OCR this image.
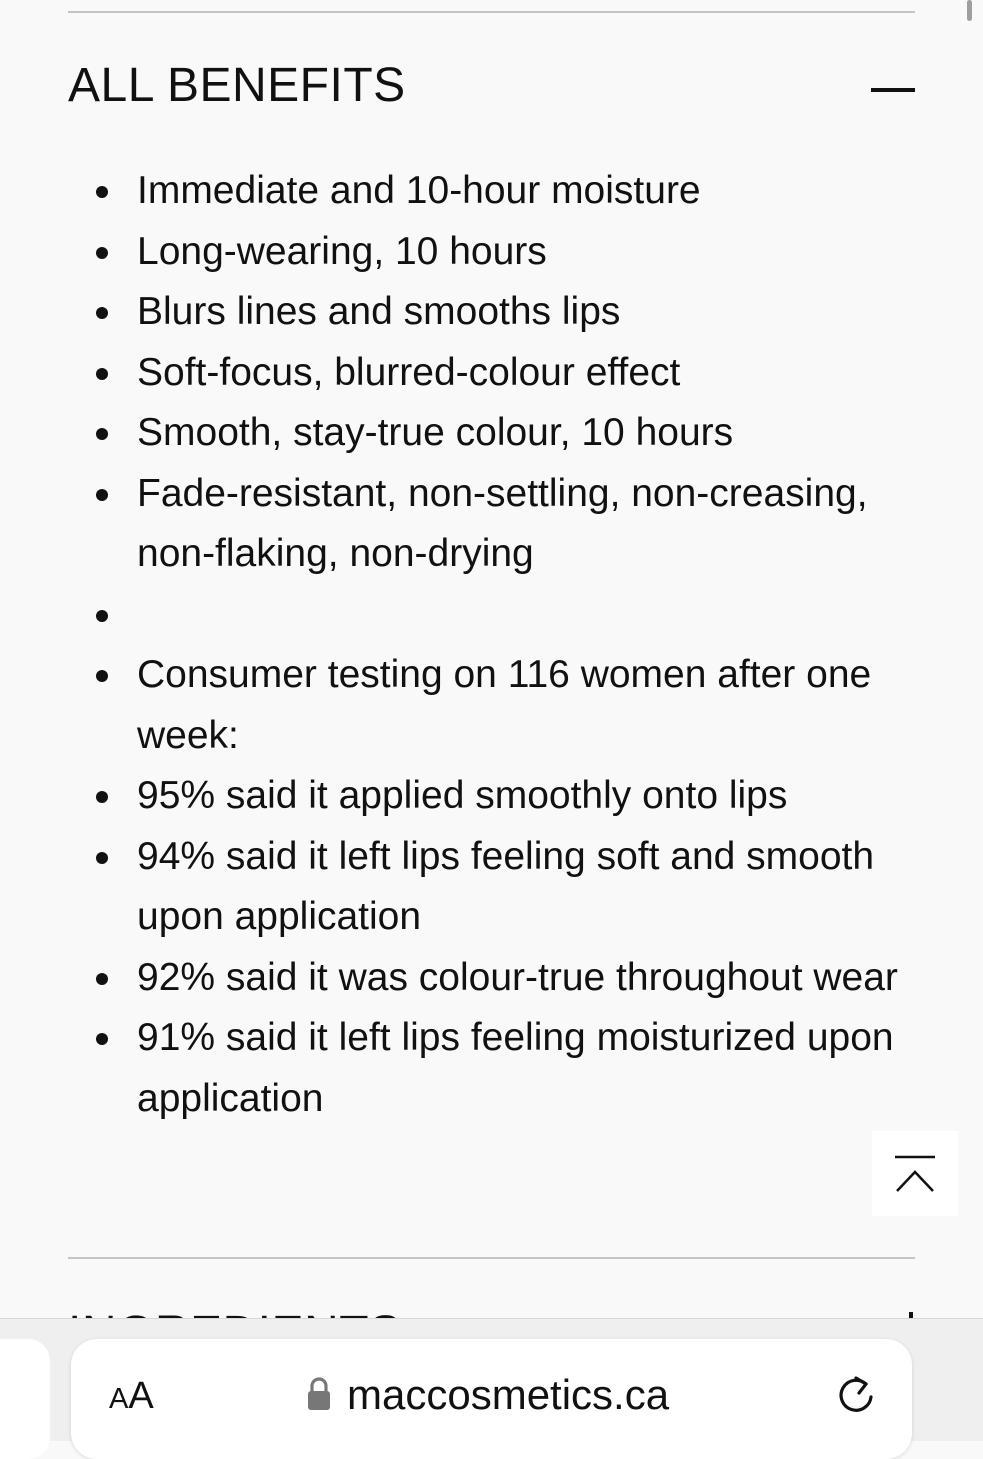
ALL BENEFITS
Immediate and 10-hour moisture
Long-wearing, 10 hours
Blurs lines and smooths lips
Soft-focus, blurred-colour effect
Smooth, stay-true colour, 10 hours
Fade-resistant, non-settling, non-creasing, non-flaking, non-drying
Consumer testing on 116 women after one week:
95% said it applied smoothly onto lips
94% said it left lips feeling soft and smooth upon application
92% said it was colour-true throughout wear
91% said it left lips feeling moisturized upon application
AA	maccosmetics.ca
